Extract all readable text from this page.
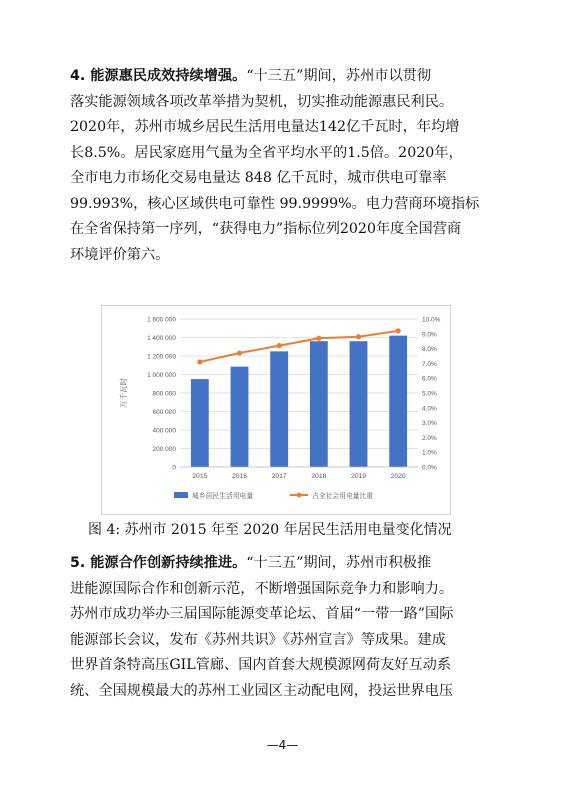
4. 能源惠民成效持续增强。“十三五”期间，苏州市以贯彻
落实能源领域各项改革举措为契机，切实推动能源惠民利民。
2020年，苏州市城乡居民生活用电量达142亿千瓦时，年均增
长8.5%。居民家庭用气量为全省平均水平的1.5倍。2020年，
全市电力市场化交易电量达 848 亿千瓦时，城市供电可靠率
99.993%，核心区域供电可靠性 99.9999%。电力营商环境指标
在全省保持第一序列，“获得电力”指标位列2020年度全国营商
环境评价第六。
0
200 000
400 000
600 000
800 000
1 000 000
1 200 000
1 400 000
1 600 000
0.0%
1.0%
2.0%
3.0%
4.0%
5.0%
6.0%
7.0%
8.0%
9.0%
10.0%
万千瓦时
2015	2016	2017	2018	2019	2020
城乡居民生活用电量	占全社会用电量比重
图 4: 苏州市 2015 年至 2020 年居民生活用电量变化情况
5. 能源合作创新持续推进。“十三五”期间，苏州市积极推
进能源国际合作和创新示范，不断增强国际竞争力和影响力。
苏州市成功举办三届国际能源变革论坛、首届“一带一路”国际
能源部长会议，发布《苏州共识》《苏州宣言》等成果。建成
世界首条特高压GIL管廊、国内首套大规模源网荷友好互动系
统、全国规模最大的苏州工业园区主动配电网，投运世界电压
—4—
